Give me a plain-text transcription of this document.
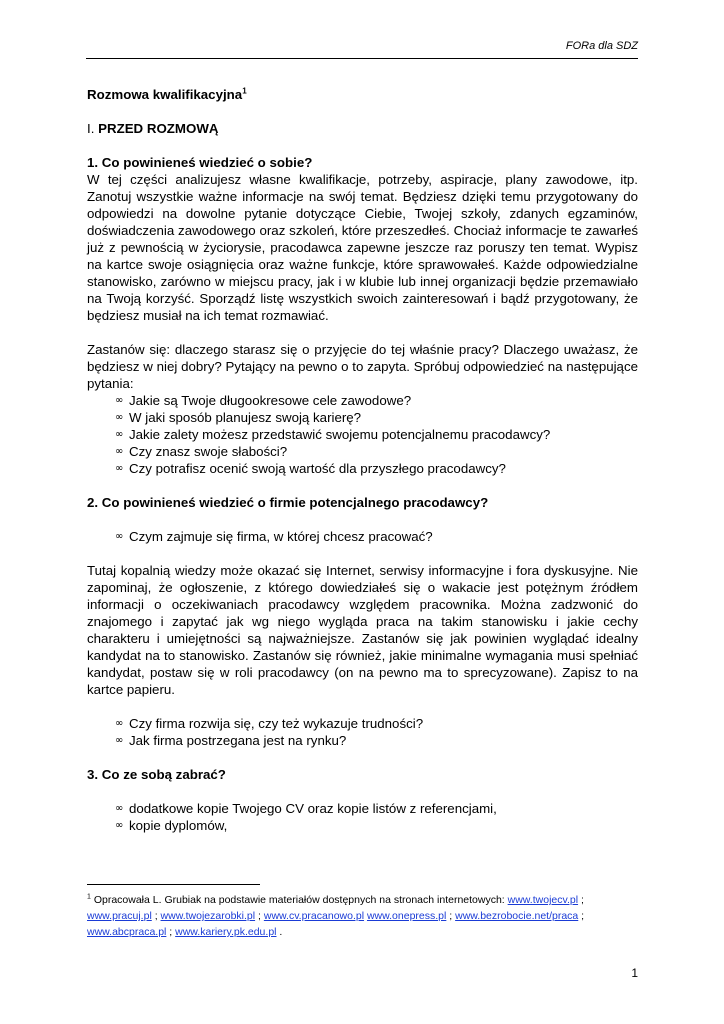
FORa dla SDZ

Rozmowa kwalifikacyjna$^1$

I. PRZED ROZMOWĄ

1. Co powinieneś wiedzieć o sobie?

W tej części analizujesz własne kwalifikacje, potrzeby, aspiracje, plany zawodowe, itp. Zanotuj wszystkie ważne informacje na swój temat. Będziesz dzięki temu przygotowany do odpowiedzi na dowolne pytanie dotyczące Ciebie, Twojej szkoły, zdanych egzaminów, doświadczenia zawodowego oraz szkoleń, które przeszedłeś. Chociaż informacje te zawarłeś już z pewnością w życiorysie, pracodawca zapewne jeszcze raz poruszy ten temat. Wypisz na kartce swoje osiągnięcia oraz ważne funkcje, które sprawowałeś. Każde odpowiedzialne stanowisko, zarówno w miejscu pracy, jak i w klubie lub innej organizacji będzie przemawiało na Twoją korzyść. Sporządź listę wszystkich swoich zainteresowań i bądź przygotowany, że będziesz musiał na ich temat rozmawiać.

Zastanów się: dlaczego starasz się o przyjęcie do tej właśnie pracy? Dlaczego uważasz, że będziesz w niej dobry? Pytający na pewno o to zapyta. Spróbuj odpowiedzieć na następujące pytania:

∞ Jakie są Twoje długookresowe cele zawodowe?
∞ W jaki sposób planujesz swoją karierę?
∞ Jakie zalety możesz przedstawić swojemu potencjalnemu pracodawcy?
∞ Czy znasz swoje słabości?
∞ Czy potrafisz ocenić swoją wartość dla przyszłego pracodawcy?

2. Co powinieneś wiedzieć o firmie potencjalnego pracodawcy?

∞ Czym zajmuje się firma, w której chcesz pracować?

Tutaj kopalnią wiedzy może okazać się Internet, serwisy informacyjne i fora dyskusyjne. Nie zapominaj, że ogłoszenie, z którego dowiedziałeś się o wakacie jest potężnym źródłem informacji o oczekiwaniach pracodawcy względem pracownika. Można zadzwonić do znajomego i zapytać jak wg niego wygląda praca na takim stanowisku i jakie cechy charakteru i umiejętności są najważniejsze. Zastanów się jak powinien wyglądać idealny kandydat na to stanowisko. Zastanów się również, jakie minimalne wymagania musi spełniać kandydat, postaw się w roli pracodawcy (on na pewno ma to sprecyzowane). Zapisz to na kartce papieru.

∞ Czy firma rozwija się, czy też wykazuje trudności?
∞ Jak firma postrzegana jest na rynku?

3. Co ze sobą zabrać?

∞ dodatkowe kopie Twojego CV oraz kopie listów z referencjami,
∞ kopie dyplomów,
$^1$ Opracowała L. Grubiak na podstawie materiałów dostępnych na stronach internetowych: www.twojecv.pl ; www.pracuj.pl ; www.twojezarobki.pl ; www.cv.pracanowo.pl www.onepress.pl ; www.bezrobocie.net/praca ; www.abcpraca.pl ; www.kariery.pk.edu.pl .
1
